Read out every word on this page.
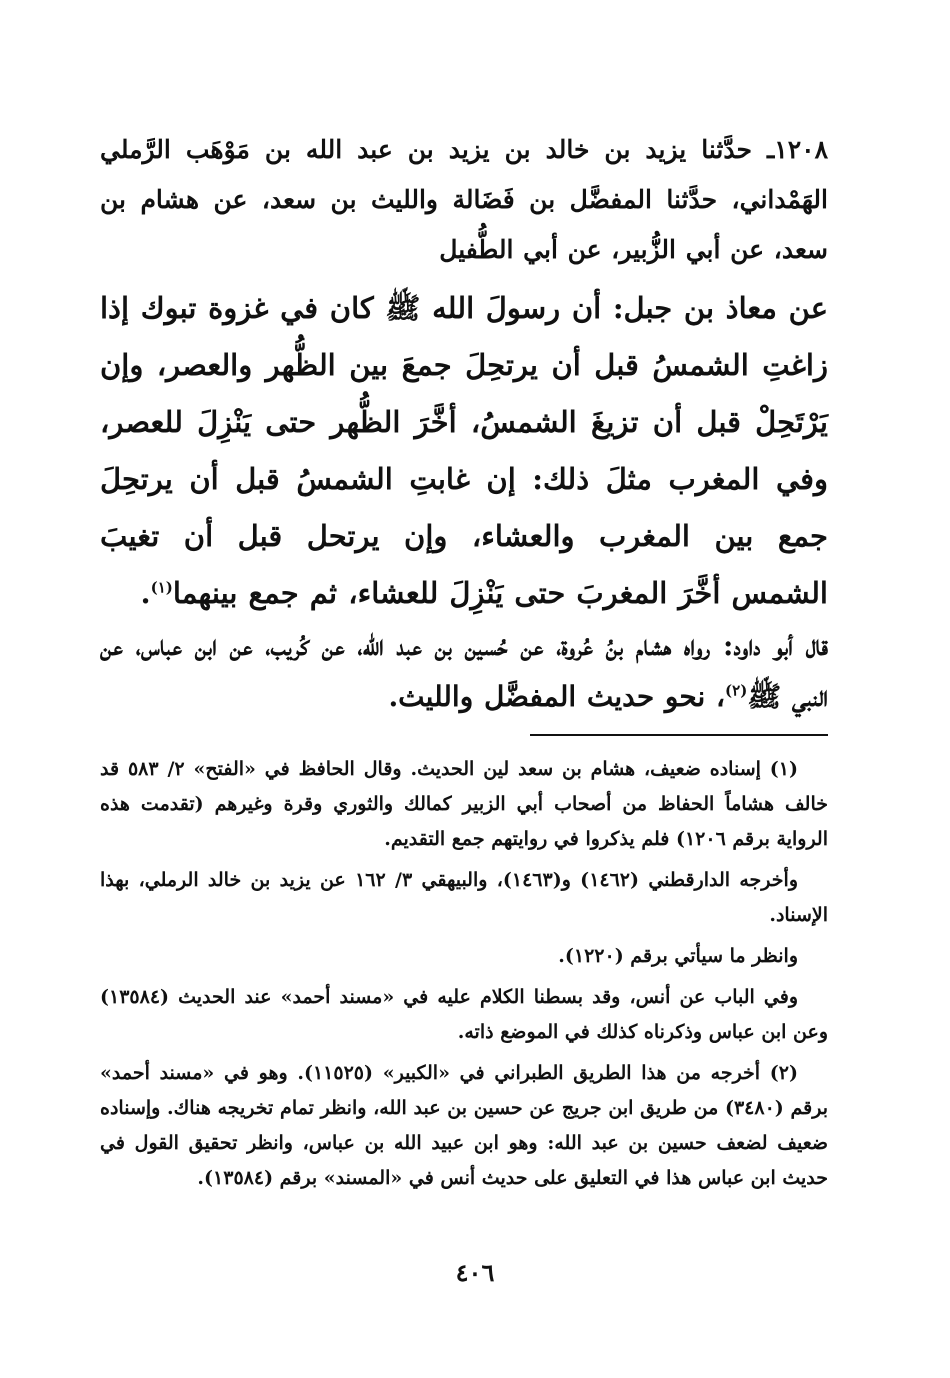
١٢٠٨ـ حدَّثنا يزيد بن خالد بن يزيد بن عبد الله بن مَوْهَب الرَّملي الهَمْداني، حدَّثنا المفضَّل بن فَضَالة والليث بن سعد، عن هشام بن سعد، عن أبي الزُّبير، عن أبي الطُّفيل

عن معاذ بن جبل: أن رسولَ الله ﷺ كان في غزوة تبوك إذا زاغتِ الشمسُ قبل أن يرتحِلَ جمعَ بين الظُّهر والعصر، وإن يَرْتَحِلْ قبل أن تزيغَ الشمسُ، أخَّرَ الظُّهر حتى يَنْزِلَ للعصر، وفي المغرب مثلَ ذلك: إن غابتِ الشمسُ قبل أن يرتحِلَ جمع بين المغرب والعشاء، وإن يرتحل قبل أن تغيبَ الشمس أخَّرَ المغربَ حتى يَنْزِلَ للعشاء، ثم جمع بينهما$^{(١)}$.

قال أبو داود: رواه هشام بنُ عُروة، عن حُسين بن عبد الله، عن كُريب، عن ابن عباس، عن النبي ﷺ$^{(٢)}$، نحو حديث المفضَّل والليث.

(١) إسناده ضعيف، هشام بن سعد لين الحديث. وقال الحافظ في «الفتح» ٢/ ٥٨٣ قد خالف هشاماً الحفاظ من أصحاب أبي الزبير كمالك والثوري وقرة وغيرهم (تقدمت هذه الرواية برقم ١٢٠٦) فلم يذكروا في روايتهم جمع التقديم.

وأخرجه الدارقطني (١٤٦٢) و(١٤٦٣)، والبيهقي ٣/ ١٦٢ عن يزيد بن خالد الرملي، بهذا الإسناد.

وانظر ما سيأتي برقم (١٢٢٠).

وفي الباب عن أنس، وقد بسطنا الكلام عليه في «مسند أحمد» عند الحديث (١٣٥٨٤) وعن ابن عباس وذكرناه كذلك في الموضع ذاته.

(٢) أخرجه من هذا الطريق الطبراني في «الكبير» (١١٥٢٥). وهو في «مسند أحمد» برقم (٣٤٨٠) من طريق ابن جريج عن حسين بن عبد الله، وانظر تمام تخريجه هناك. وإسناده ضعيف لضعف حسين بن عبد الله: وهو ابن عبيد الله بن عباس، وانظر تحقيق القول في حديث ابن عباس هذا في التعليق على حديث أنس في «المسند» برقم (١٣٥٨٤).

٤٠٦
